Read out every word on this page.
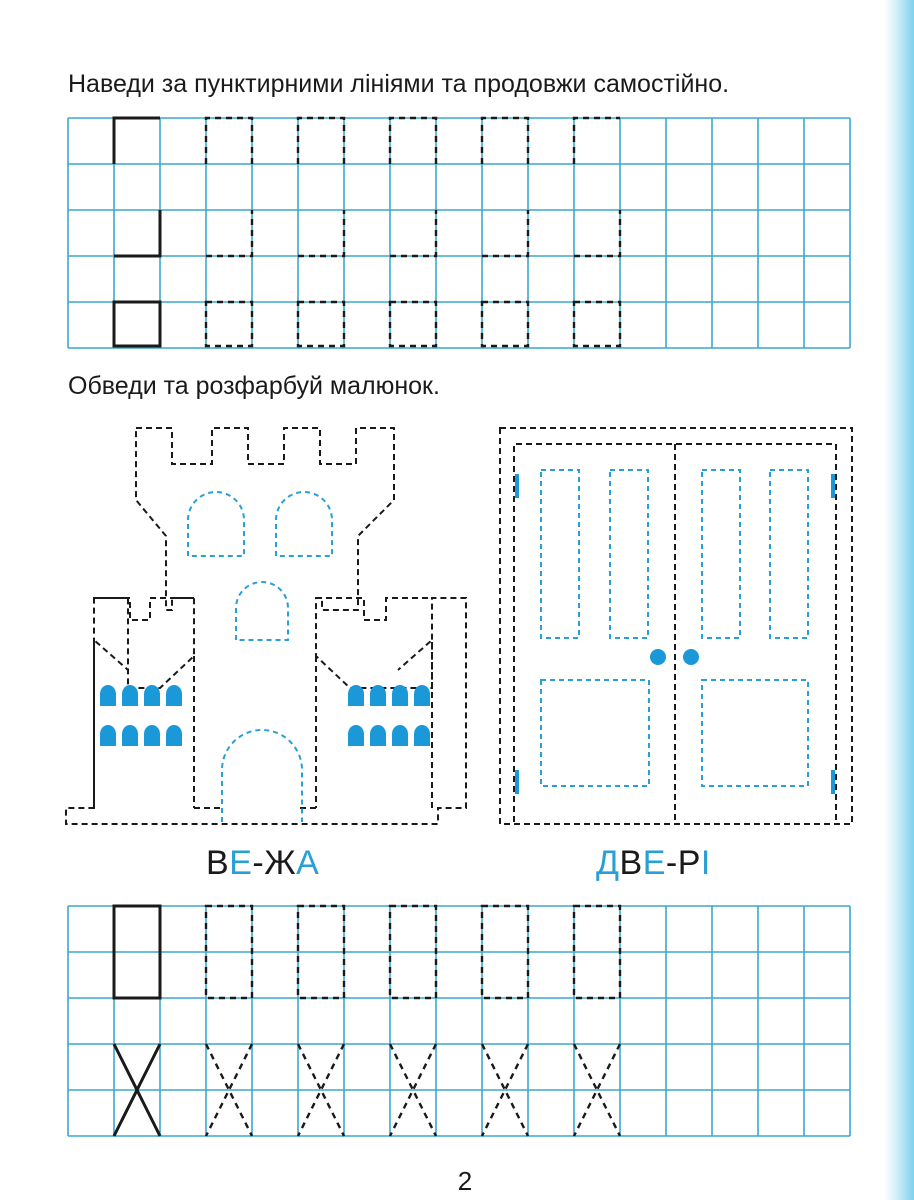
Наведи за пунктирними лініями та продовжи самостійно.
Обведи та розфарбуй малюнок.
ВЕ-ЖА	ДВЕ-РІ
2
